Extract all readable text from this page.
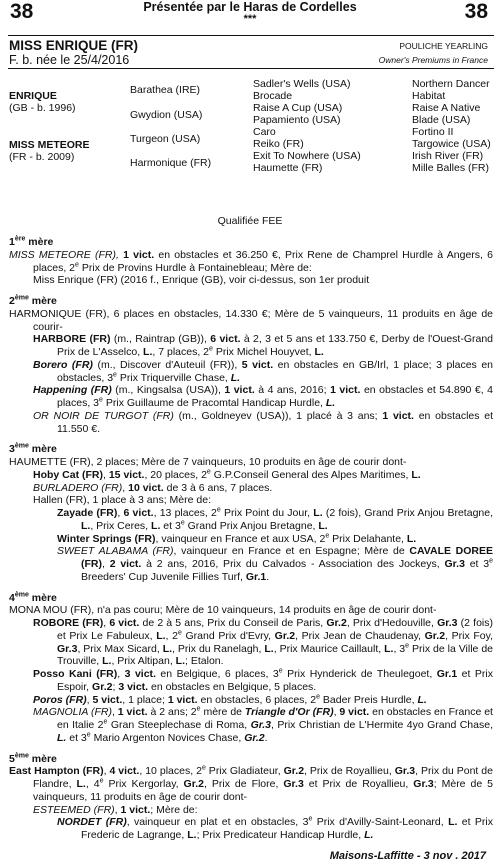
38	Présentée par le Haras de Cordelles
***	38
MISS ENRIQUE (FR)
F. b. née le 25/4/2016
POULICHE YEARLING
Owner's Premiums in France
ENRIQUE
(GB - b. 1996)
MISS METEORE
(FR - b. 2009)
Barathea (IRE)
Gwydion (USA)
Turgeon (USA)
Harmonique (FR)
Sadler's Wells (USA)
Brocade
Raise A Cup (USA)
Papamiento (USA)
Caro
Reiko (FR)
Exit To Nowhere (USA)
Haumette (FR)
Northern Dancer
Habitat
Raise A Native
Blade (USA)
Fortino II
Targowice (USA)
Irish River (FR)
Mille Balles (FR)
Qualifiée FEE
1ère mère
MISS METEORE (FR), 1 vict. en obstacles et 36.250 €, Prix Rene de Champrel Hurdle à Angers, 6 places, 2e Prix de Provins Hurdle à Fontainebleau; Mère de:
Miss Enrique (FR) (2016 f., Enrique (GB), voir ci-dessus, son 1er produit
2ème mère
HARMONIQUE (FR), 6 places en obstacles, 14.330 €; Mère de 5 vainqueurs, 11 produits en âge de courir-
HARBORE (FR) (m., Raintrap (GB)), 6 vict. à 2, 3 et 5 ans et 133.750 €, Derby de l'Ouest-Grand Prix de L'Asselco, L., 7 places, 2e Prix Michel Houyvet, L.
Borero (FR) (m., Discover d'Auteuil (FR)), 5 vict. en obstacles en GB/Irl, 1 place; 3 places en obstacles, 3e Prix Triquerville Chase, L.
Happening (FR) (m., Kingsalsa (USA)), 1 vict. à 4 ans, 2016; 1 vict. en obstacles et 54.890 €, 4 places, 3e Prix Guillaume de Pracomtal Handicap Hurdle, L.
OR NOIR DE TURGOT (FR) (m., Goldneyev (USA)), 1 placé à 3 ans; 1 vict. en obstacles et 11.550 €.
3ème mère
HAUMETTE (FR), 2 places; Mère de 7 vainqueurs, 10 produits en âge de courir dont-
Hoby Cat (FR), 15 vict., 20 places, 2e G.P.Conseil General des Alpes Maritimes, L.
BURLADERO (FR), 10 vict. de 3 à 6 ans, 7 places.
Hallen (FR), 1 place à 3 ans; Mère de:
Zayade (FR), 6 vict., 13 places, 2e Prix Point du Jour, L. (2 fois), Grand Prix Anjou Bretagne, L., Prix Ceres, L. et 3e Grand Prix Anjou Bretagne, L.
Winter Springs (FR), vainqueur en France et aux USA, 2e Prix Delahante, L.
SWEET ALABAMA (FR), vainqueur en France et en Espagne; Mère de CAVALE DOREE (FR), 2 vict. à 2 ans, 2016, Prix du Calvados - Association des Jockeys, Gr.3 et 3e Breeders' Cup Juvenile Fillies Turf, Gr.1.
4ème mère
MONA MOU (FR), n'a pas couru; Mère de 10 vainqueurs, 14 produits en âge de courir dont-
ROBORE (FR), 6 vict. de 2 à 5 ans, Prix du Conseil de Paris, Gr.2, Prix d'Hedouville, Gr.3 (2 fois) et Prix Le Fabuleux, L., 2e Grand Prix d'Evry, Gr.2, Prix Jean de Chaudenay, Gr.2, Prix Foy, Gr.3, Prix Max Sicard, L., Prix du Ranelagh, L., Prix Maurice Caillault, L., 3e Prix de la Ville de Trouville, L., Prix Altipan, L.; Etalon.
Posso Kani (FR), 3 vict. en Belgique, 6 places, 3e Prix Hynderick de Theulegoet, Gr.1 et Prix Espoir, Gr.2; 3 vict. en obstacles en Belgique, 5 places.
Poros (FR), 5 vict., 1 place; 1 vict. en obstacles, 6 places, 2e Bader Preis Hurdle, L.
MAGNOLIA (FR), 1 vict. à 2 ans; 2e mère de Triangle d'Or (FR), 9 vict. en obstacles en France et en Italie 2e Gran Steeplechase di Roma, Gr.3, Prix Christian de L'Hermite 4yo Grand Chase, L. et 3e Mario Argenton Novices Chase, Gr.2.
5ème mère
East Hampton (FR), 4 vict., 10 places, 2e Prix Gladiateur, Gr.2, Prix de Royallieu, Gr.3, Prix du Pont de Flandre, L., 4e Prix Kergorlay, Gr.2, Prix de Flore, Gr.3 et Prix de Royallieu, Gr.3; Mère de 5 vainqueurs, 11 produits en âge de courir dont-
ESTEEMED (FR), 1 vict.; Mère de:
NORDET (FR), vainqueur en plat et en obstacles, 3e Prix d'Avilly-Saint-Leonard, L. et Prix Frederic de Lagrange, L.; Prix Predicateur Handicap Hurdle, L.
Maisons-Laffitte - 3 nov . 2017
